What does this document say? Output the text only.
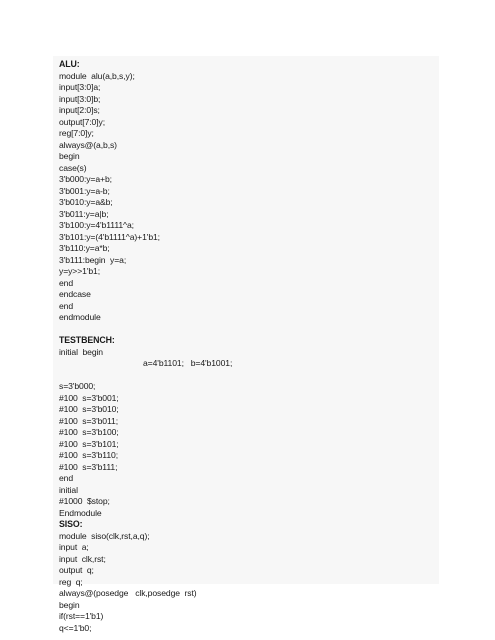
ALU:
module  alu(a,b,s,y);
input[3:0]a;
input[3:0]b;
input[2:0]s;
output[7:0]y;
reg[7:0]y;
always@(a,b,s)
begin
case(s)
3'b000:y=a+b;
3'b001:y=a-b;
3'b010:y=a&b;
3'b011:y=a|b;
3'b100:y=4'b1111^a;
3'b101:y=(4'b1111^a)+1'b1;
3'b110:y=a*b;
3'b111:begin  y=a;
y=y>>1'b1;
end
endcase
end
endmodule
TESTBENCH:
initial  begin
a=4'b1101;   b=4'b1001;
s=3'b000;
#100  s=3'b001;
#100  s=3'b010;
#100  s=3'b011;
#100  s=3'b100;
#100  s=3'b101;
#100  s=3'b110;
#100  s=3'b111;
end
initial
#1000  $stop;
Endmodule
SISO:
module  siso(clk,rst,a,q);
input  a;
input  clk,rst;
output  q;
reg  q;
always@(posedge   clk,posedge  rst)
begin
if(rst==1'b1)
q<=1'b0;
